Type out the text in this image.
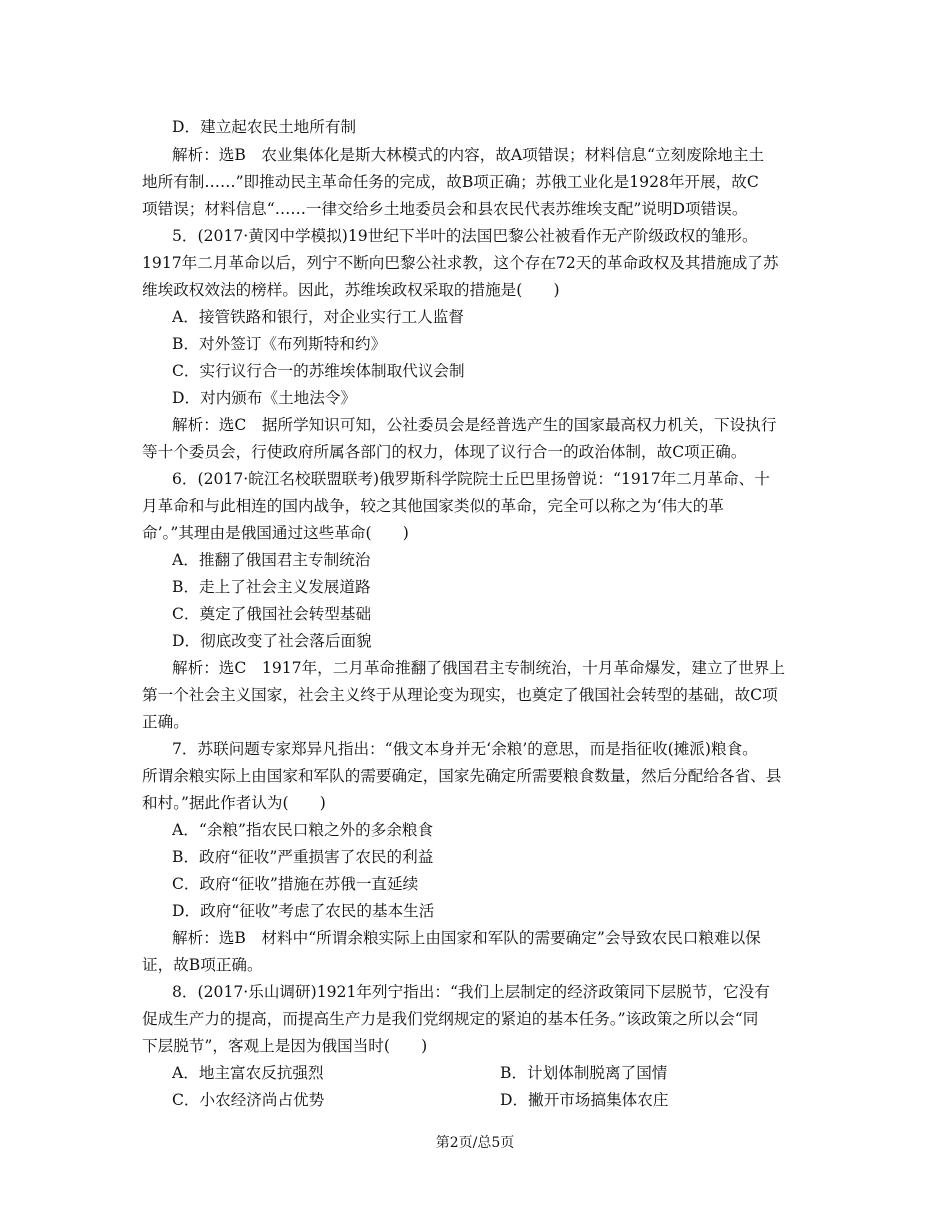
D．建立起农民土地所有制
解析：选B　农业集体化是斯大林模式的内容，故A项错误；材料信息“立刻废除地主土
地所有制……”即推动民主革命任务的完成，故B项正确；苏俄工业化是1928年开展，故C
项错误；材料信息“……一律交给乡土地委员会和县农民代表苏维埃支配”说明D项错误。
5．(2017·黄冈中学模拟)19世纪下半叶的法国巴黎公社被看作无产阶级政权的雏形。
1917年二月革命以后，列宁不断向巴黎公社求教，这个存在72天的革命政权及其措施成了苏
维埃政权效法的榜样。因此，苏维埃政权采取的措施是(　　)
A．接管铁路和银行，对企业实行工人监督
B．对外签订《布列斯特和约》
C．实行议行合一的苏维埃体制取代议会制
D．对内颁布《土地法令》
解析：选C　据所学知识可知，公社委员会是经普选产生的国家最高权力机关，下设执行
等十个委员会，行使政府所属各部门的权力，体现了议行合一的政治体制，故C项正确。
6．(2017·皖江名校联盟联考)俄罗斯科学院院士丘巴里扬曾说：“1917年二月革命、十
月革命和与此相连的国内战争，较之其他国家类似的革命，完全可以称之为‘伟大的革
命’。”其理由是俄国通过这些革命(　　)
A．推翻了俄国君主专制统治
B．走上了社会主义发展道路
C．奠定了俄国社会转型基础
D．彻底改变了社会落后面貌
解析：选C　1917年，二月革命推翻了俄国君主专制统治，十月革命爆发，建立了世界上
第一个社会主义国家，社会主义终于从理论变为现实，也奠定了俄国社会转型的基础，故C项
正确。
7．苏联问题专家郑异凡指出：“俄文本身并无‘余粮’的意思，而是指征收(摊派)粮食。
所谓余粮实际上由国家和军队的需要确定，国家先确定所需要粮食数量，然后分配给各省、县
和村。”据此作者认为(　　)
A．“余粮”指农民口粮之外的多余粮食
B．政府“征收”严重损害了农民的利益
C．政府“征收”措施在苏俄一直延续
D．政府“征收”考虑了农民的基本生活
解析：选B　材料中“所谓余粮实际上由国家和军队的需要确定”会导致农民口粮难以保
证，故B项正确。
8．(2017·乐山调研)1921年列宁指出：“我们上层制定的经济政策同下层脱节，它没有
促成生产力的提高，而提高生产力是我们党纲规定的紧迫的基本任务。”该政策之所以会“同
下层脱节”，客观上是因为俄国当时(　　)
A．地主富农反抗强烈	B．计划体制脱离了国情
C．小农经济尚占优势	D．撇开市场搞集体农庄
第2页/总5页
